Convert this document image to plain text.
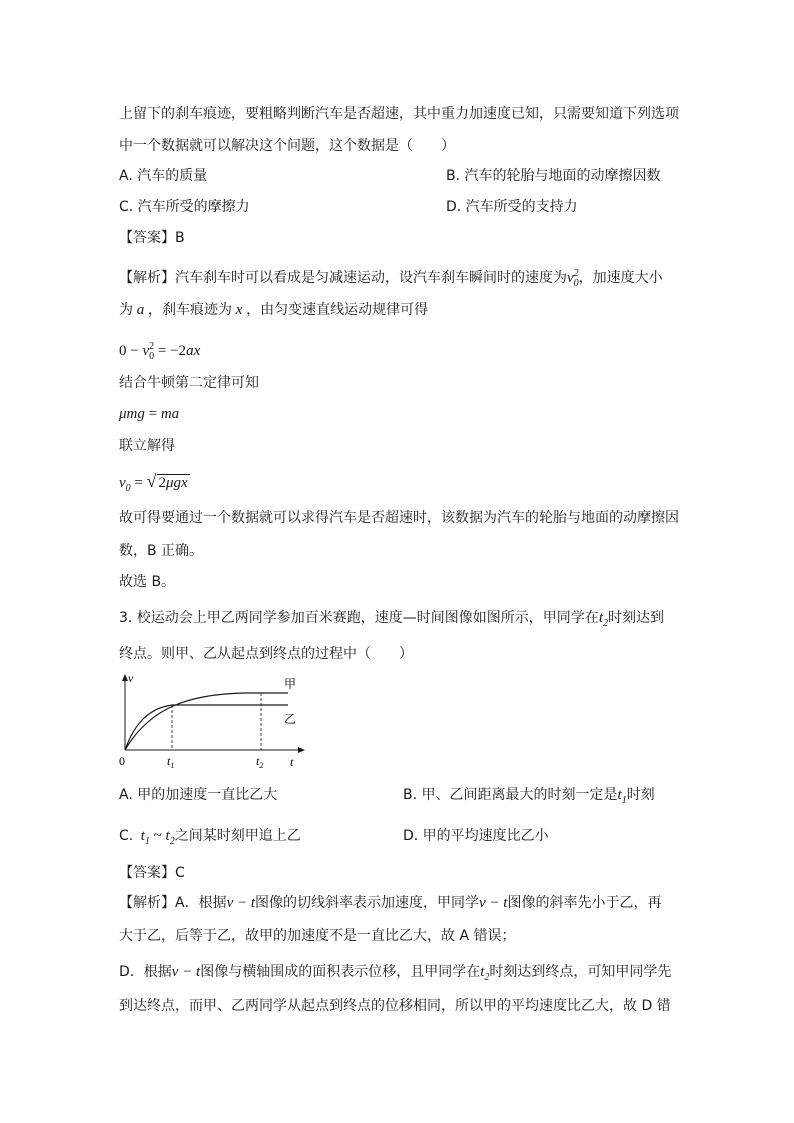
上留下的刹车痕迹，要粗略判断汽车是否超速，其中重力加速度已知，只需要知道下列选项
中一个数据就可以解决这个问题，这个数据是（　　）
A. 汽车的质量	B. 汽车的轮胎与地面的动摩擦因数
C. 汽车所受的摩擦力	D. 汽车所受的支持力
【答案】B
【解析】汽车刹车时可以看成是匀减速运动，设汽车刹车瞬间时的速度为$v_0^2$，加速度大小
为 a ，刹车痕迹为 x ，由匀变速直线运动规律可得
$0 - v_0^2 = -2ax$
结合牛顿第二定律可知
μmg = ma
联立解得
$v_0$ = √ 2μgx
故可得要通过一个数据就可以求得汽车是否超速时，该数据为汽车的轮胎与地面的动摩擦因
数，B 正确。
故选 B。
3. 校运动会上甲乙两同学参加百米赛跑，速度—时间图像如图所示，甲同学在$t_2$时刻达到
终点。则甲、乙从起点到终点的过程中（　　）
v
t
0	$t_1$	$t_2$
甲
乙
A. 甲的加速度一直比乙大	B. 甲、乙间距离最大的时刻一定是$t_1$时刻
C.  $t_1$ ~ $t_2$之间某时刻甲追上乙	D. 甲的平均速度比乙小
【答案】C
【解析】A．根据v − t图像的切线斜率表示加速度，甲同学v − t图像的斜率先小于乙，再
大于乙，后等于乙，故甲的加速度不是一直比乙大，故 A 错误；
D．根据v − t图像与横轴围成的面积表示位移，且甲同学在$t_2$时刻达到终点，可知甲同学先
到达终点，而甲、乙两同学从起点到终点的位移相同，所以甲的平均速度比乙大，故 D 错
